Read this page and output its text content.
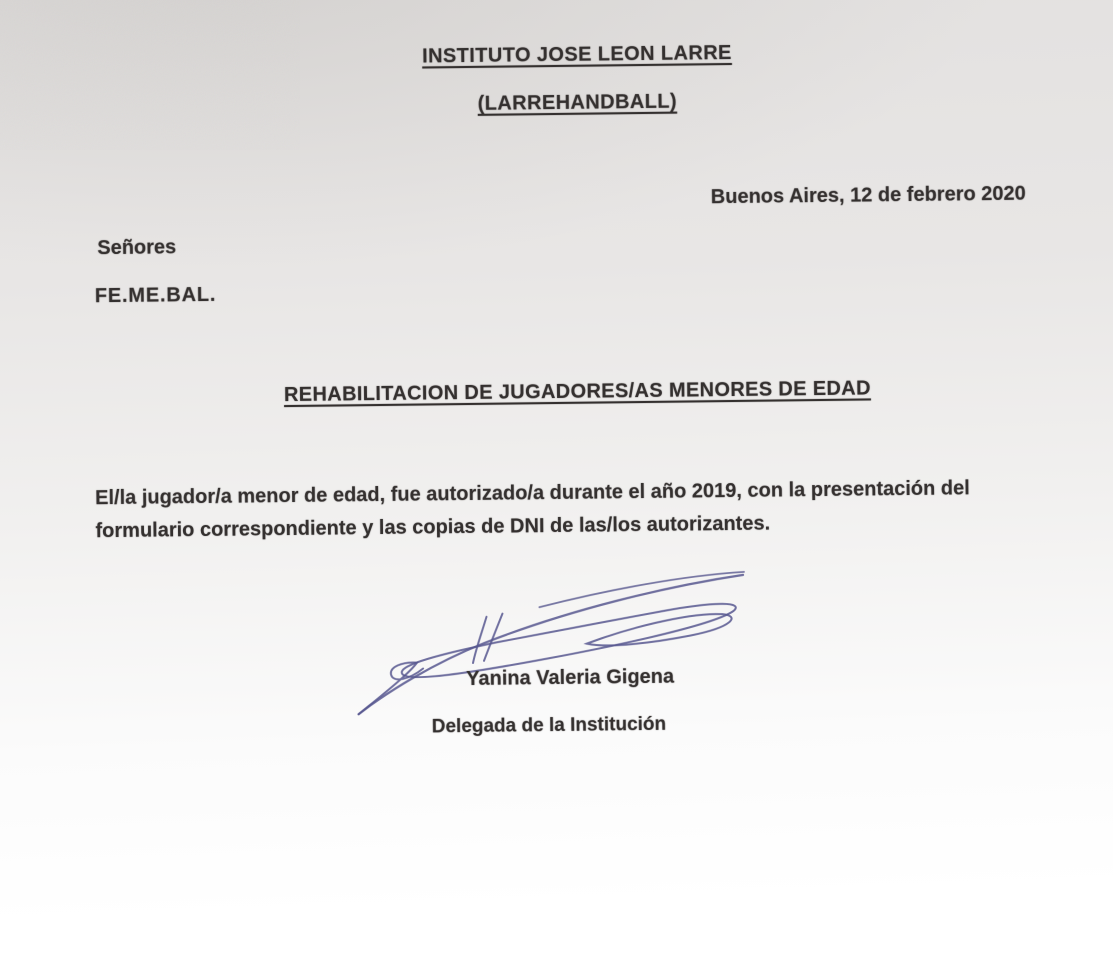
INSTITUTO JOSE LEON LARRE
(LARREHANDBALL)
Buenos Aires, 12 de febrero 2020
Señores
FE.ME.BAL.
REHABILITACION DE JUGADORES/AS MENORES DE EDAD
El/la jugador/a menor de edad, fue autorizado/a durante el año 2019, con la presentación del
formulario correspondiente y las copias de DNI de las/los autorizantes.
Yanina Valeria Gigena
Delegada de la Institución
